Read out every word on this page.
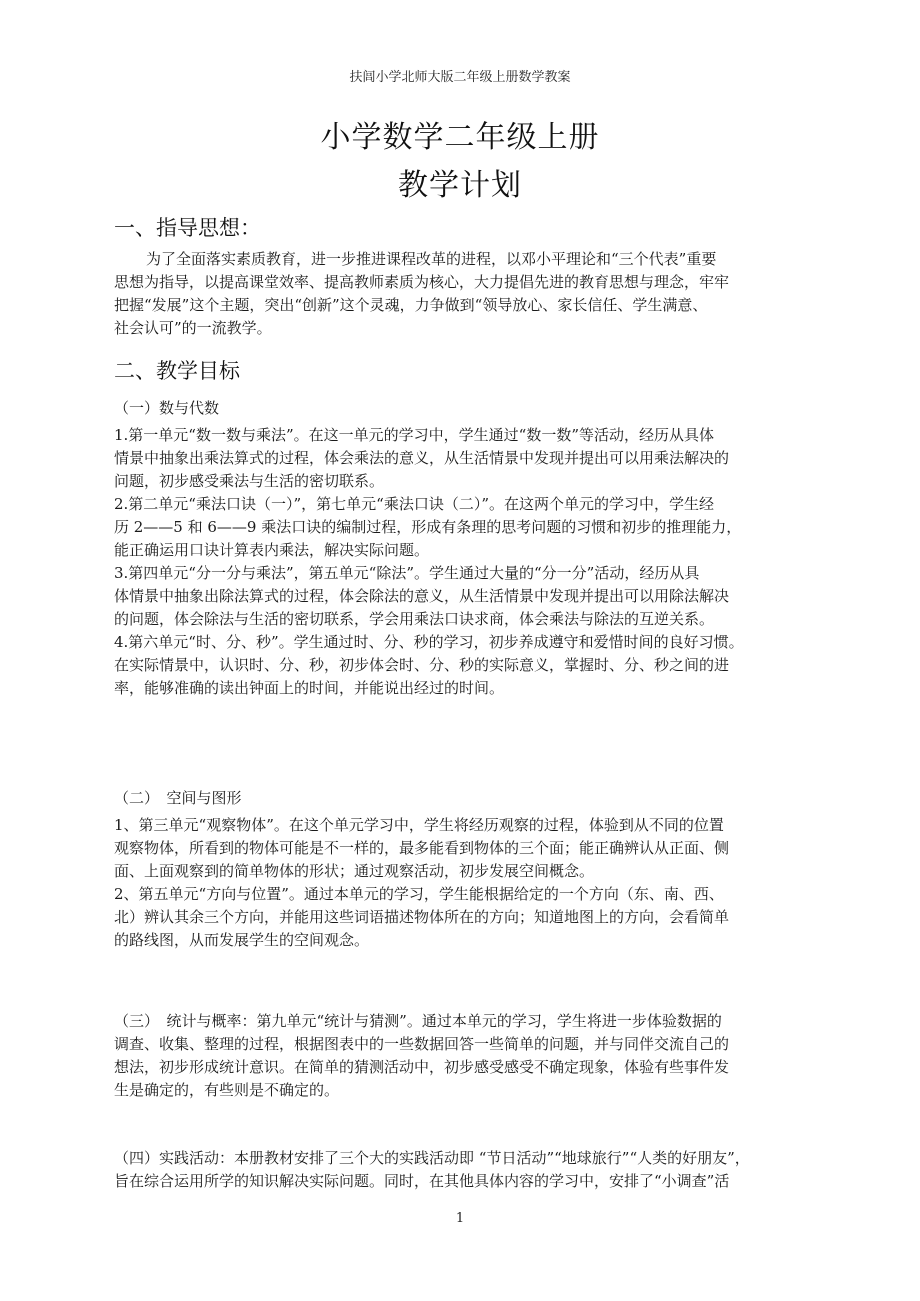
扶闾小学北师大版二年级上册数学教案
小学数学二年级上册
教学计划
一、指导思想：
为了全面落实素质教育，进一步推进课程改革的进程，以邓小平理论和“三个代表”重要
思想为指导，以提高课堂效率、提高教师素质为核心，大力提倡先进的教育思想与理念，牢牢
把握“发展”这个主题，突出“创新”这个灵魂，力争做到“领导放心、家长信任、学生满意、
社会认可”的一流教学。
二、教学目标
（一）数与代数
1.第一单元“数一数与乘法”。在这一单元的学习中，学生通过“数一数”等活动，经历从具体
情景中抽象出乘法算式的过程，体会乘法的意义，从生活情景中发现并提出可以用乘法解决的
问题，初步感受乘法与生活的密切联系。
2.第二单元“乘法口诀（一）”，第七单元“乘法口诀（二）”。在这两个单元的学习中，学生经
历 2——5 和 6——9 乘法口诀的编制过程，形成有条理的思考问题的习惯和初步的推理能力，
能正确运用口诀计算表内乘法，解决实际问题。
3.第四单元“分一分与乘法”，第五单元“除法”。学生通过大量的“分一分”活动，经历从具
体情景中抽象出除法算式的过程，体会除法的意义，从生活情景中发现并提出可以用除法解决
的问题，体会除法与生活的密切联系，学会用乘法口诀求商，体会乘法与除法的互逆关系。
4.第六单元“时、分、秒”。学生通过时、分、秒的学习，初步养成遵守和爱惜时间的良好习惯。
在实际情景中，认识时、分、秒，初步体会时、分、秒的实际意义，掌握时、分、秒之间的进
率，能够准确的读出钟面上的时间，并能说出经过的时间。
（二）　空间与图形
1、第三单元“观察物体”。在这个单元学习中，学生将经历观察的过程，体验到从不同的位置
观察物体，所看到的物体可能是不一样的，最多能看到物体的三个面；能正确辨认从正面、侧
面、上面观察到的简单物体的形状；通过观察活动，初步发展空间概念。
2、第五单元“方向与位置”。通过本单元的学习，学生能根据给定的一个方向（东、南、西、
北）辨认其余三个方向，并能用这些词语描述物体所在的方向；知道地图上的方向，会看简单
的路线图，从而发展学生的空间观念。
（三）　统计与概率：第九单元“统计与猜测”。通过本单元的学习，学生将进一步体验数据的
调查、收集、整理的过程，根据图表中的一些数据回答一些简单的问题，并与同伴交流自己的
想法，初步形成统计意识。在简单的猜测活动中，初步感受感受不确定现象，体验有些事件发
生是确定的，有些则是不确定的。
（四）实践活动：本册教材安排了三个大的实践活动即 “节日活动”“地球旅行”“人类的好朋友”，
旨在综合运用所学的知识解决实际问题。同时，在其他具体内容的学习中，安排了“小调查”活
1
